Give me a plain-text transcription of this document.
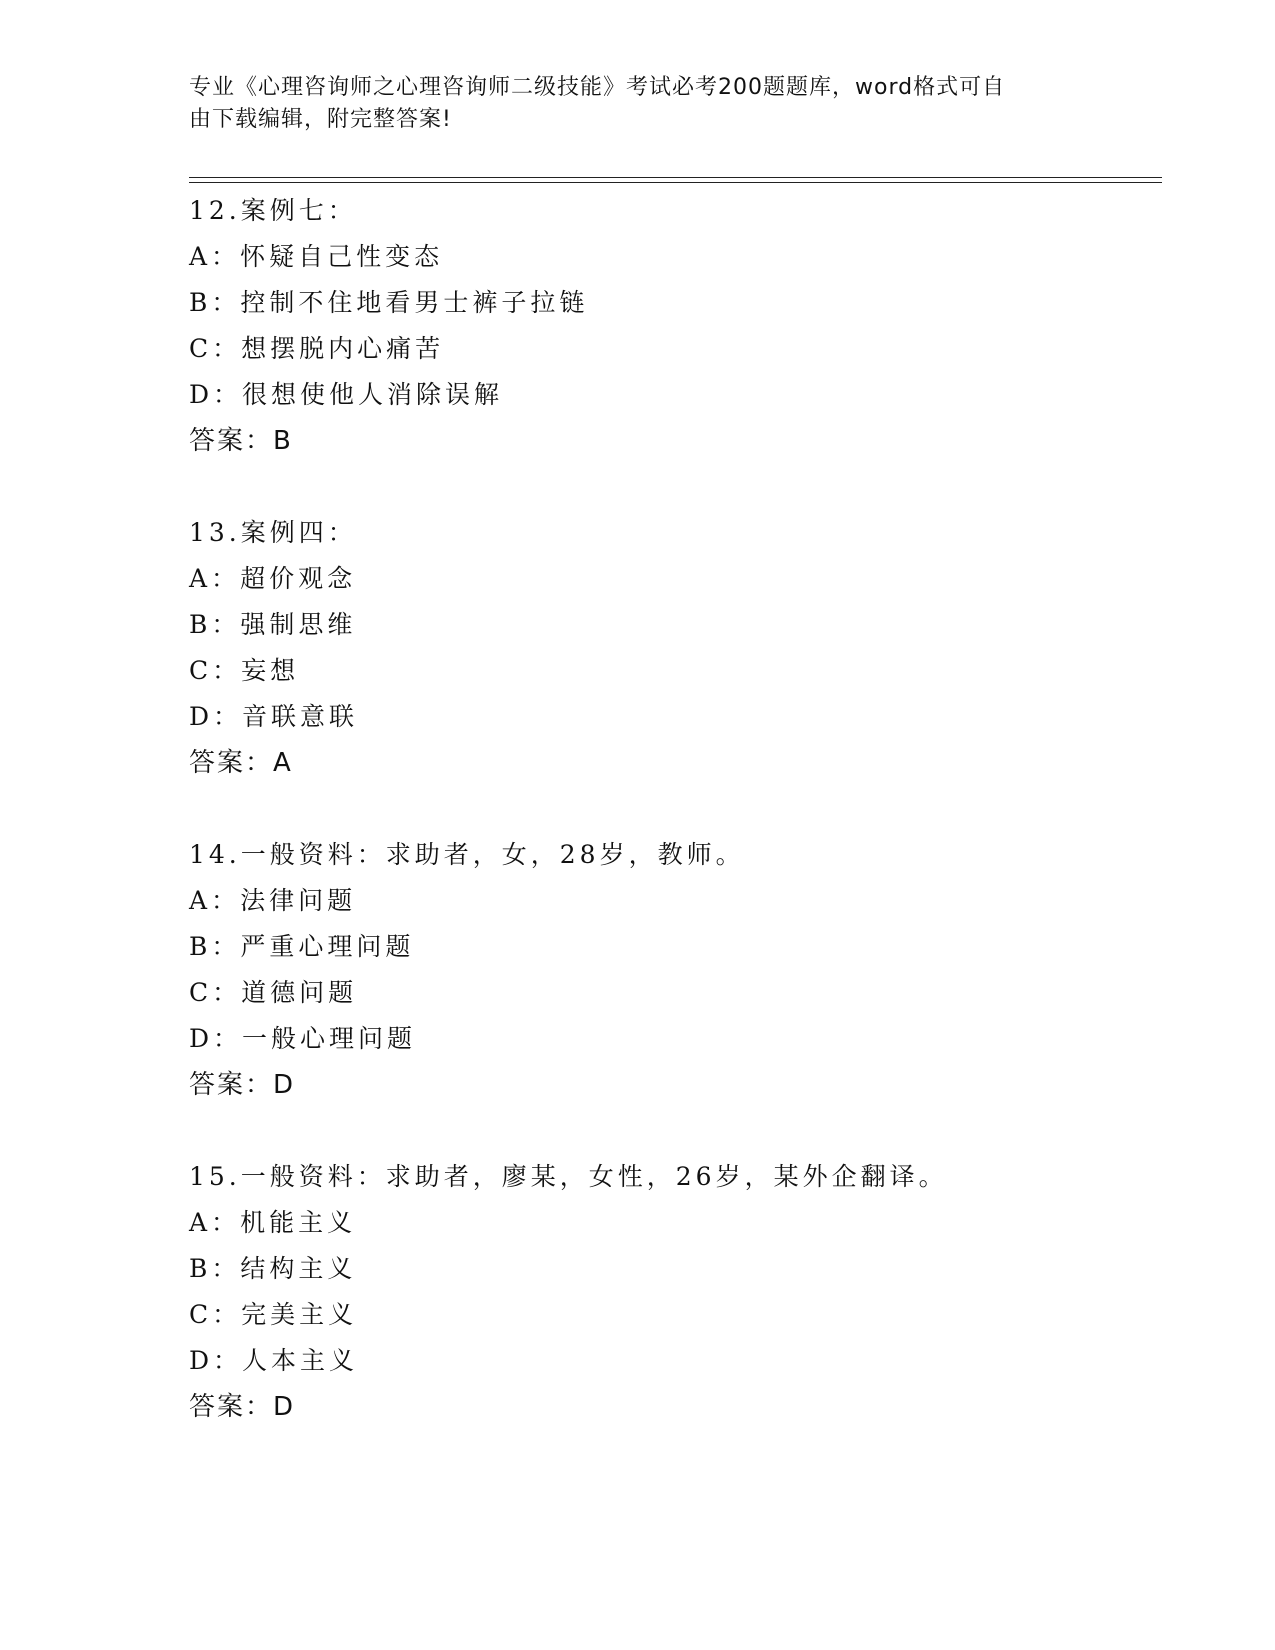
专业《心理咨询师之心理咨询师二级技能》考试必考200题题库，word格式可自
由下载编辑，附完整答案!
12.案例七：
A：怀疑自己性变态
B：控制不住地看男士裤子拉链
C：想摆脱内心痛苦
D：很想使他人消除误解
答案：B
13.案例四：
A：超价观念
B：强制思维
C：妄想
D：音联意联
答案：A
14.一般资料：求助者，女，28岁，教师。
A：法律问题
B：严重心理问题
C：道德问题
D：一般心理问题
答案：D
15.一般资料：求助者，廖某，女性，26岁，某外企翻译。
A：机能主义
B：结构主义
C：完美主义
D：人本主义
答案：D
